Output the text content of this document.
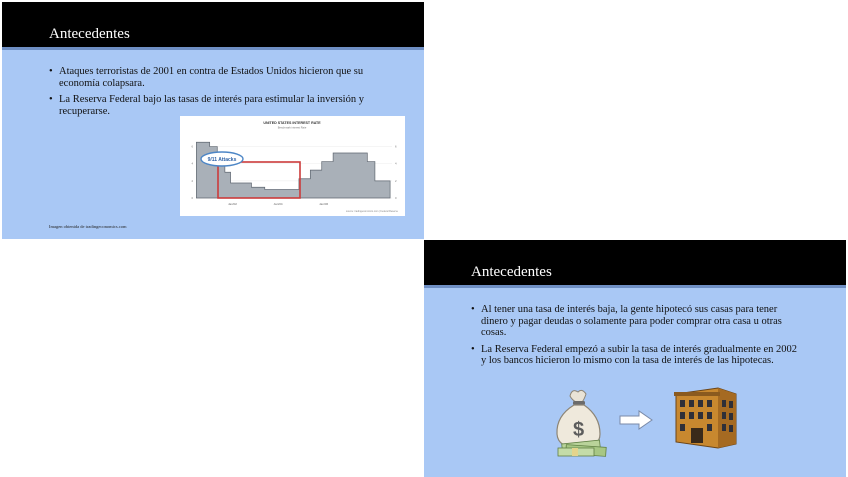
Antecedentes
• Ataques terroristas de 2001 en contra de Estados Unidos hicieron que su economía colapsara.
• La Reserva Federal bajo las tasas de interés para estimular la inversión y recuperarse.
UNITED STATES INTEREST RATE
Benchmark interest Rate
0	0
2	2
4	4
6	6
Jan/02	Jan/04	Jan/06
9/11 Attacks
source: tradingeconomics.com | Federal Reserve
Imagen obtenida de tradingeconomics.com
Antecedentes
• Al tener una tasa de interés baja, la gente hipotecó sus casas para tener dinero y pagar deudas o solamente para poder comprar otra casa u otras cosas.
• La Reserva Federal empezó a subir la tasa de interés gradualmente en 2002 y los bancos hicieron lo mismo con la tasa de interés de las hipotecas.
$
